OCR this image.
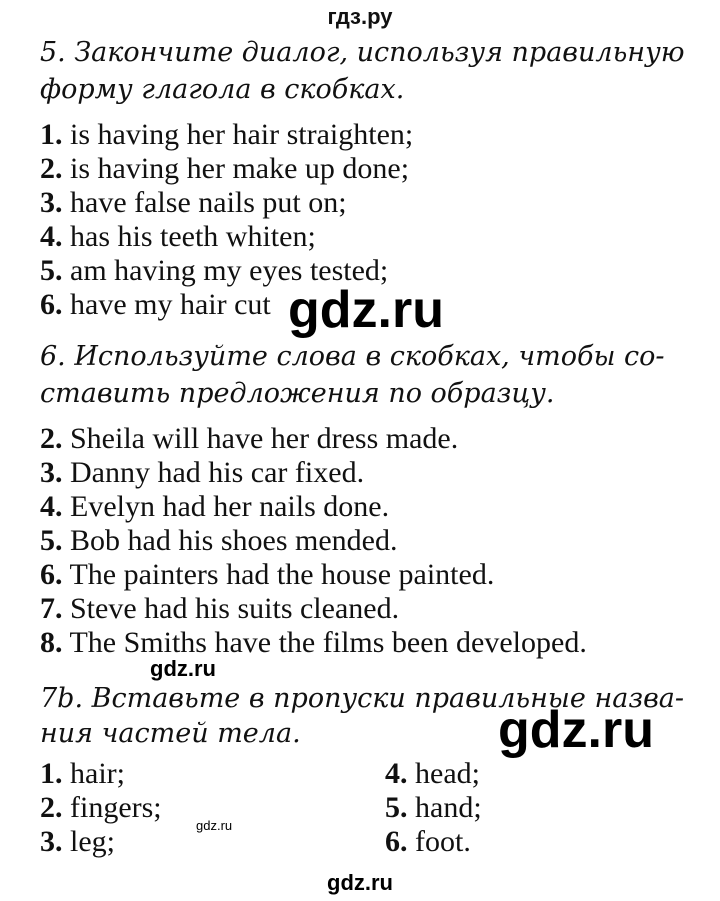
гдз.ру
5. Закончите диалог, используя правильную
форму глагола в скобках.
1. is having her hair straighten;
2. is having her make up done;
3. have false nails put on;
4. has his teeth whiten;
5. am having my eyes tested;
6. have my hair cut gdz.ru
6. Используйте слова в скобках, чтобы со-
ставить предложения по образцу.
2. Sheila will have her dress made.
3. Danny had his car fixed.
4. Evelyn had her nails done.
5. Bob had his shoes mended.
6. The painters had the house painted.
7. Steve had his suits cleaned.
8. The Smiths have the films been developed.
gdz.ru
7b. Вставьте в пропуски правильные назва-
ния частей тела.	gdz.ru
1. hair;
2. fingers;
3. leg;
4. head;
5. hand;
6. foot.
gdz.ru
gdz.ru
